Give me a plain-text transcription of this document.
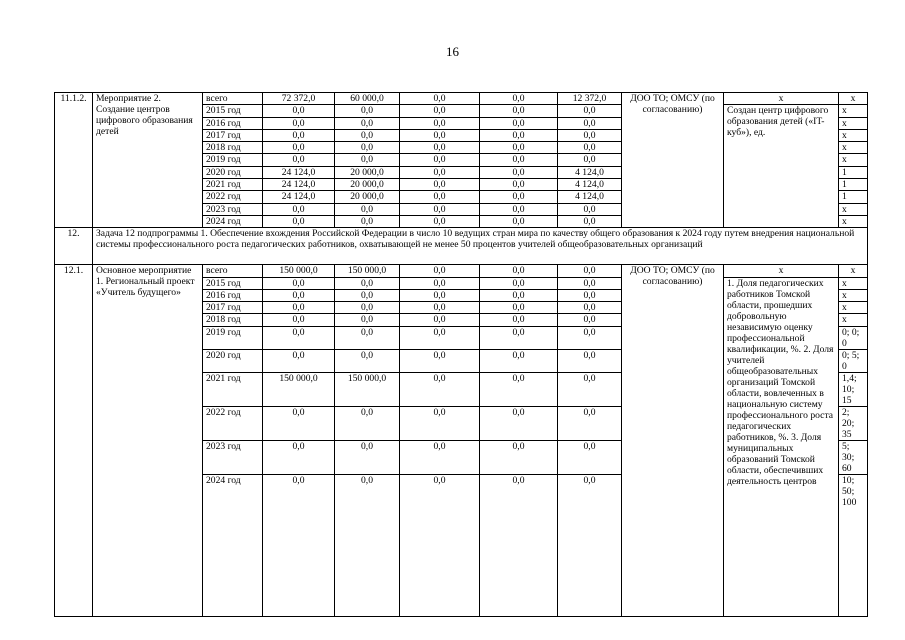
16
11.1.2.	Мероприятие 2. Создание центров цифрового образования детей	всего	72 372,0	60 000,0	0,0	0,0	12 372,0	ДОО ТО; ОМСУ (по согласованию)	x	x
		2015 год	0,0	0,0	0,0	0,0	0,0		Создан центр цифрового образования детей («IT-куб»), ед.	x
		2016 год	0,0	0,0	0,0	0,0	0,0			x
		2017 год	0,0	0,0	0,0	0,0	0,0			x
		2018 год	0,0	0,0	0,0	0,0	0,0			x
		2019 год	0,0	0,0	0,0	0,0	0,0			x
		2020 год	24 124,0	20 000,0	0,0	0,0	4 124,0			1
		2021 год	24 124,0	20 000,0	0,0	0,0	4 124,0			1
		2022 год	24 124,0	20 000,0	0,0	0,0	4 124,0			1
		2023 год	0,0	0,0	0,0	0,0	0,0			x
		2024 год	0,0	0,0	0,0	0,0	0,0			x
12.	Задача 12 подпрограммы 1. Обеспечение вхождения Российской Федерации в число 10 ведущих стран мира по качеству общего образования к 2024 году путем внедрения национальной системы профессионального роста педагогических работников, охватывающей не менее 50 процентов учителей общеобразовательных организаций									
12.1.	Основное мероприятие 1. Региональный проект «Учитель будущего»	всего	150 000,0	150 000,0	0,0	0,0	0,0	ДОО ТО; ОМСУ (по согласованию)	x	x
		2015 год	0,0	0,0	0,0	0,0	0,0		1. Доля педагогических работников Томской области, прошедших добровольную независимую оценку профессиональной квалификации, %. 2. Доля учителей общеобразовательных организаций Томской области, вовлеченных в национальную систему профессионального роста педагогических работников, %. 3. Доля муниципальных образований Томской области, обеспечивших деятельность центров	x
		2016 год	0,0	0,0	0,0	0,0	0,0			x
		2017 год	0,0	0,0	0,0	0,0	0,0			x
		2018 год	0,0	0,0	0,0	0,0	0,0			x
		2019 год	0,0	0,0	0,0	0,0	0,0			0; 0; 0
		2020 год	0,0	0,0	0,0	0,0	0,0			0; 5; 0
		2021 год	150 000,0	150 000,0	0,0	0,0	0,0			1,4; 10; 15
		2022 год	0,0	0,0	0,0	0,0	0,0			2; 20; 35
		2023 год	0,0	0,0	0,0	0,0	0,0			5; 30; 60
		2024 год	0,0	0,0	0,0	0,0	0,0			10; 50; 100
